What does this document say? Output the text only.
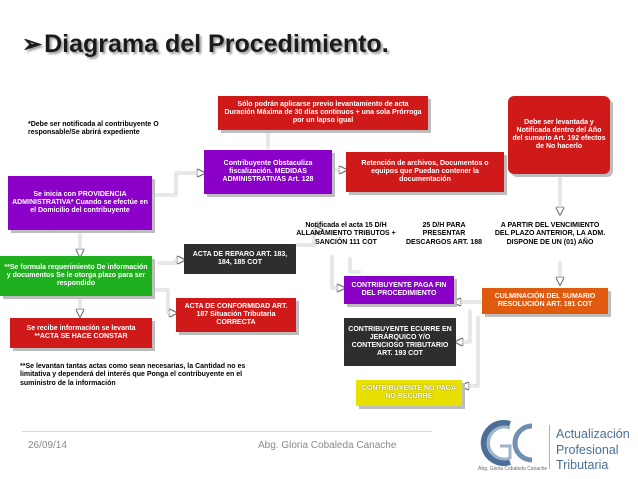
➢Diagrama del Procedimiento.
Sólo podrán aplicarse previo levantamiento de acta Duración Máxima de 30 días continuos + una sola Prórroga por un lapso igual
*Debe ser notificada al contribuyente O responsable/Se abrirá expediente
Se inicia con PROVIDENCIA ADMINISTRATIVA* Cuando se efectúe en el Domicilio del contribuyente
Contribuyente Obstaculiza fiscalización. MEDIDAS ADMINISTRATIVAS Art. 128
Retención de archivos, Documentos o equipos que Puedan contener la documentación
Debe ser levantada y Notificada dentro del Año del sumario Art. 192 efectos de No hacerlo
**Se formula requerimiento De información y documentos Se le otorga plazo para ser respondido
ACTA DE REPARO ART. 183, 184, 185 COT
Notificada el acta 15 D/H ALLANAMIENTO TRIBUTOS + SANCIÓN 111 COT
25 D/H PARA PRESENTAR DESCARGOS ART. 188
A PARTIR DEL VENCIMIENTO DEL PLAZO ANTERIOR, LA ADM. DISPONE DE UN (01) AÑO
ACTA DE CONFORMIDAD ART. 187 Situación Tributaria CORRECTA
CONTRIBUYENTE PAGA FIN DEL PROCEDIMIENTO	CULMINACIÓN DEL SUMARIO RESOLUCIÓN ART. 191 COT
Se recibe información se levanta **ACTA SE HACE CONSTAR
CONTRIBUYENTE ECURRE EN JERÁRQUICO Y/O CONTENCIOSO TRIBUTARIO ART. 193 COT
**Se levantan tantas actas como sean necesarias, la Cantidad no es limitativa y dependerá del interés que Ponga el contribuyente en el suministro de la información
CONTRIBUYENTE NO PAGA NO RECURRE
26/09/14	Abg. Gloria Cobaleda Canache
Actualización
Profesional
Tributaria
Abg. Gloria Cobaleda Canache
